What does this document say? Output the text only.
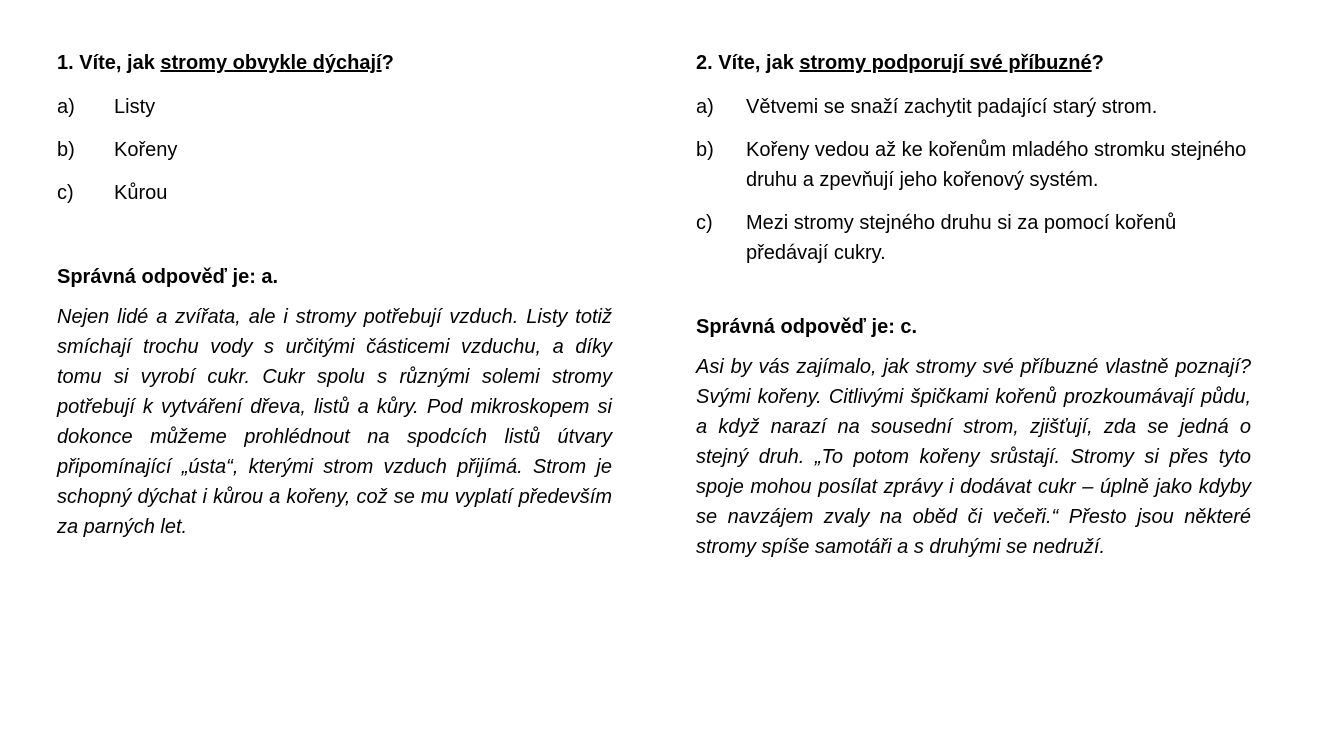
1. Víte, jak stromy obvykle dýchají?

a)	Listy
b)	Kořeny
c)	Kůrou

Správná odpověď je: a.

Nejen lidé a zvířata, ale i stromy potřebují vzduch. Listy totiž smíchají trochu vody s určitými částicemi vzduchu, a díky tomu si vyrobí cukr. Cukr spolu s různými solemi stromy potřebují k vytváření dřeva, listů a kůry. Pod mikroskopem si dokonce můžeme prohlédnout na spodcích listů útvary připomínající „ústa“, kterými strom vzduch přijímá. Strom je schopný dýchat i kůrou a kořeny, což se mu vyplatí především za parných let.

2. Víte, jak stromy podporují své příbuzné?

a)	Větvemi se snaží zachytit padající starý strom.
b)	Kořeny vedou až ke kořenům mladého stromku stejného druhu a zpevňují jeho kořenový systém.
c)	Mezi stromy stejného druhu si za pomocí kořenů předávají cukry.

Správná odpověď je: c.

Asi by vás zajímalo, jak stromy své příbuzné vlastně poznají? Svými kořeny. Citlivými špičkami kořenů prozkoumávají půdu, a když narazí na sousední strom, zjišťují, zda se jedná o stejný druh. „To potom kořeny srůstají. Stromy si přes tyto spoje mohou posílat zprávy i dodávat cukr – úplně jako kdyby se navzájem zvaly na oběd či večeři.“ Přesto jsou některé stromy spíše samotáři a s druhými se nedruží.
